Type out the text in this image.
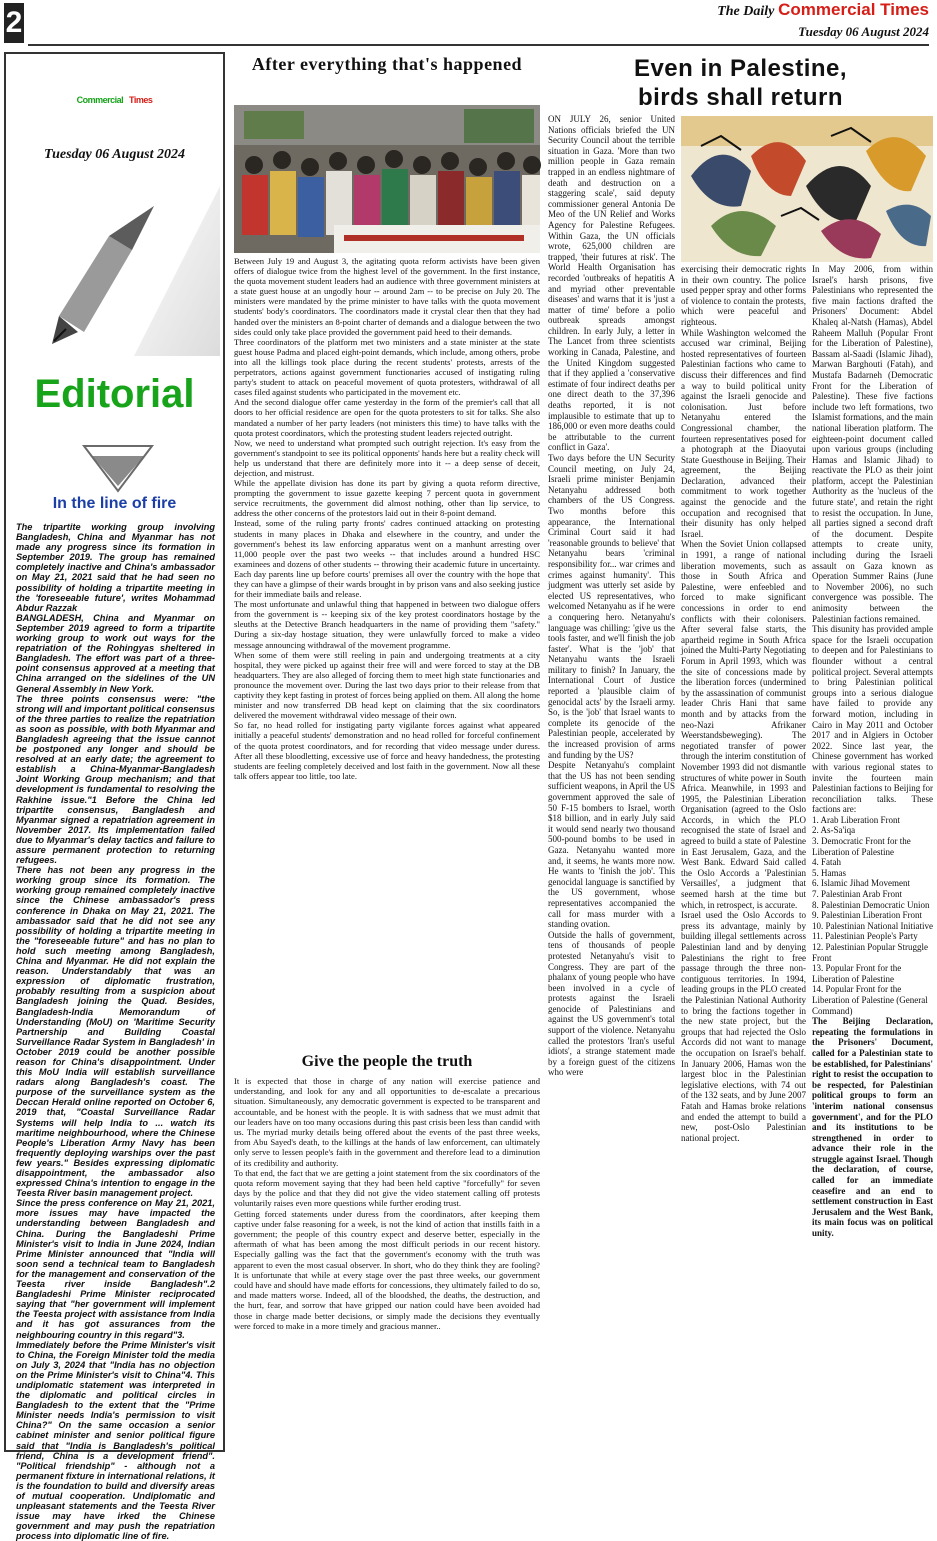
2	The Daily Commercial Times
Tuesday 06 August 2024
Commercial Times
Tuesday 06 August 2024
Editorial
In the line of fire

The tripartite working group involving Bangladesh, China and Myanmar has not made any progress since its formation in September 2019. The group has remained completely inactive and China's ambassador on May 21, 2021 said that he had seen no possibility of holding a tripartite meeting in the 'foreseeable future', writes Mohammad Abdur Razzak

BANGLADESH, China and Myanmar on September 2019 agreed to form a tripartite working group to work out ways for the repatriation of the Rohingyas sheltered in Bangladesh. The effort was part of a three-point consensus approved at a meeting that China arranged on the sidelines of the UN General Assembly in New York.

The three points consensus were: "the strong will and important political consensus of the three parties to realize the repatriation as soon as possible, with both Myanmar and Bangladesh agreeing that the issue cannot be postponed any longer and should be resolved at an early date; the agreement to establish a China-Myanmar-Bangladesh Joint Working Group mechanism; and that development is fundamental to resolving the Rakhine issue."1 Before the China led tripartite consensus, Bangladesh and Myanmar signed a repatriation agreement in November 2017. Its implementation failed due to Myanmar's delay tactics and failure to assure permanent protection to returning refugees.

There has not been any progress in the working group since its formation. The working group remained completely inactive since the Chinese ambassador's press conference in Dhaka on May 21, 2021. The ambassador said that he did not see any possibility of holding a tripartite meeting in the "foreseeable future" and has no plan to hold such meeting among Bangladesh, China and Myanmar. He did not explain the reason. Understandably that was an expression of diplomatic frustration, probably resulting from a suspicion about Bangladesh joining the Quad. Besides, Bangladesh-India Memorandum of Understanding (MoU) on 'Maritime Security Partnership and Building Coastal Surveillance Radar System in Bangladesh' in October 2019 could be another possible reason for China's disappointment. Under this MoU India will establish surveillance radars along Bangladesh's coast. The purpose of the surveillance system as the Deccan Herald online reported on October 6, 2019 that, "Coastal Surveillance Radar Systems will help India to ... watch its maritime neighbourhood, where the Chinese People's Liberation Army Navy has been frequently deploying warships over the past few years." Besides expressing diplomatic disappointment, the ambassador also expressed China's intention to engage in the Teesta River basin management project.

Since the press conference on May 21, 2021, more issues may have impacted the understanding between Bangladesh and China. During the Bangladeshi Prime Minister's visit to India in June 2024, Indian Prime Minister announced that "India will soon send a technical team to Bangladesh for the management and conservation of the Teesta river inside Bangladesh".2 Bangladeshi Prime Minister reciprocated saying that "her government will implement the Teesta project with assistance from India and it has got assurances from the neighbouring country in this regard"3.

Immediately before the Prime Minister's visit to China, the Foreign Minister told the media on July 3, 2024 that "India has no objection on the Prime Minister's visit to China"4. This undiplomatic statement was interpreted in the diplomatic and political circles in Bangladesh to the extent that the "Prime Minister needs India's permission to visit China?" On the same occasion a senior cabinet minister and senior political figure said that "India is Bangladesh's political friend, China is a development friend". "Political friendship" - although not a permanent fixture in international relations, it is the foundation to build and diversify areas of mutual cooperation. Undiplomatic and unpleasant statements and the Teesta River issue may have irked the Chinese government and may push the repatriation process into diplomatic line of fire.

After everything that's happened

Between July 19 and August 3, the agitating quota reform activists have been given offers of dialogue twice from the highest level of the government. In the first instance, the quota movement student leaders had an audience with three government ministers at a state guest house at an ungodly hour -- around 2am -- to be precise on July 20. The ministers were mandated by the prime minister to have talks with the quota movement students' body's coordinators. The coordinators made it crystal clear then that they had handed over the ministers an 8-point charter of demands and a dialogue between the two sides could only take place provided the government paid heed to their demands.

Three coordinators of the platform met two ministers and a state minister at the state guest house Padma and placed eight-point demands, which include, among others, probe into all the killings took place during the recent students' protests, arrests of the perpetrators, actions against government functionaries accused of instigating ruling party's student to attack on peaceful movement of quota protesters, withdrawal of all cases filed against students who participated in the movement etc.

And the second dialogue offer came yesterday in the form of the premier's call that all doors to her official residence are open for the quota protesters to sit for talks. She also mandated a number of her party leaders (not ministers this time) to have talks with the quota protest coordinators, which the protesting student leaders rejected outright.

Now, we need to understand what prompted such outright rejection. It's easy from the government's standpoint to see its political opponents' hands here but a reality check will help us understand that there are definitely more into it -- a deep sense of deceit, dejection, and mistrust.

While the appellate division has done its part by giving a quota reform directive, prompting the government to issue gazette keeping 7 percent quota in government service recruitments, the government did almost nothing, other than lip service, to address the other concerns of the protestors laid out in their 8-point demand.

Instead, some of the ruling party fronts' cadres continued attacking on protesting students in many places in Dhaka and elsewhere in the country, and under the government's behest its law enforcing apparatus went on a manhunt arresting over 11,000 people over the past two weeks -- that includes around a hundred HSC examinees and dozens of other students -- throwing their academic future in uncertainty. Each day parents line up before courts' premises all over the country with the hope that they can have a glimpse of their wards brought in by prison vans and also seeking justice for their immediate bails and release.

The most unfortunate and unlawful thing that happened in between two dialogue offers from the government is -- keeping six of the key protest coordinators hostage by the sleuths at the Detective Branch headquarters in the name of providing them "safety." During a six-day hostage situation, they were unlawfully forced to make a video message announcing withdrawal of the movement programme.

When some of them were still reeling in pain and undergoing treatments at a city hospital, they were picked up against their free will and were forced to stay at the DB headquarters. They are also alleged of forcing them to meet high state functionaries and pronounce the movement over. During the last two days prior to their release from that captivity they kept fasting in protest of forces being applied on them. All along the home minister and now transferred DB head kept on claiming that the six coordinators delivered the movement withdrawal video message of their own.

So far, no head rolled for instigating party vigilante forces against what appeared initially a peaceful students' demonstration and no head rolled for forceful confinement of the quota protest coordinators, and for recording that video message under duress. After all these bloodletting, excessive use of force and heavy handedness, the protesting students are feeling completely deceived and lost faith in the government. Now all these talk offers appear too little, too late.

Give the people the truth

It is expected that those in charge of any nation will exercise patience and understanding, and look for any and all opportunities to de-escalate a precarious situation. Simultaneously, any democratic government is expected to be transparent and accountable, and be honest with the people. It is with sadness that we must admit that our leaders have on too many occasions during this past crisis been less than candid with us. The myriad murky details being offered about the events of the past three weeks, from Abu Sayed's death, to the killings at the hands of law enforcement, can ultimately only serve to lessen people's faith in the government and therefore lead to a diminution of its credibility and authority.

To that end, the fact that we are getting a joint statement from the six coordinators of the quota reform movement saying that they had been held captive "forcefully" for seven days by the police and that they did not give the video statement calling off protests voluntarily raises even more questions while further eroding trust.

Getting forced statements under duress from the coordinators, after keeping them captive under false reasoning for a week, is not the kind of action that instills faith in a government; the people of this country expect and deserve better, especially in the aftermath of what has been among the most difficult periods in our recent history. Especially galling was the fact that the government's economy with the truth was apparent to even the most casual observer. In short, who do they think they are fooling? It is unfortunate that while at every stage over the past three weeks, our government could have and should have made efforts for concessions, they ultimately failed to do so, and made matters worse. Indeed, all of the bloodshed, the deaths, the destruction, and the hurt, fear, and sorrow that have gripped our nation could have been avoided had those in charge made better decisions, or simply made the decisions they eventually were forced to make in a more timely and gracious manner..

Even in Palestine,
birds shall return

ON JULY 26, senior United Nations officials briefed the UN Security Council about the terrible situation in Gaza. 'More than two million people in Gaza remain trapped in an endless nightmare of death and destruction on a staggering scale', said deputy commissioner general Antonia De Meo of the UN Relief and Works Agency for Palestine Refugees. Within Gaza, the UN officials wrote, 625,000 children are trapped, 'their futures at risk'. The World Health Organisation has recorded 'outbreaks of hepatitis A and myriad other preventable diseases' and warns that it is 'just a matter of time' before a polio outbreak spreads amongst children. In early July, a letter in The Lancet from three scientists working in Canada, Palestine, and the United Kingdom suggested that if they applied a 'conservative estimate of four indirect deaths per one direct death to the 37,396 deaths reported, it is not implausible to estimate that up to 186,000 or even more deaths could be attributable to the current conflict in Gaza'.

Two days before the UN Security Council meeting, on July 24, Israeli prime minister Benjamin Netanyahu addressed both chambers of the US Congress. Two months before this appearance, the International Criminal Court said it had 'reasonable grounds to believe' that Netanyahu bears 'criminal responsibility for... war crimes and crimes against humanity'. This judgment was utterly set aside by elected US representatives, who welcomed Netanyahu as if he were a conquering hero. Netanyahu's language was chilling: 'give us the tools faster, and we'll finish the job faster'. What is the 'job' that Netanyahu wants the Israeli military to finish? In January, the International Court of Justice reported a 'plausible claim of genocidal acts' by the Israeli army. So, is the 'job' that Israel wants to complete its genocide of the Palestinian people, accelerated by the increased provision of arms and funding by the US?

Despite Netanyahu's complaint that the US has not been sending sufficient weapons, in April the US government approved the sale of 50 F-15 bombers to Israel, worth $18 billion, and in early July said it would send nearly two thousand 500-pound bombs to be used in Gaza. Netanyahu wanted more and, it seems, he wants more now. He wants to 'finish the job'. This genocidal language is sanctified by the US government, whose representatives accompanied the call for mass murder with a standing ovation.

Outside the halls of government, tens of thousands of people protested Netanyahu's visit to Congress. They are part of the phalanx of young people who have been involved in a cycle of protests against the Israeli genocide of Palestinians and against the US government's total support of the violence. Netanyahu called the protestors 'Iran's useful idiots', a strange statement made by a foreign guest of the citizens who were

exercising their democratic rights in their own country. The police used pepper spray and other forms of violence to contain the protests, which were peaceful and righteous.

While Washington welcomed the accused war criminal, Beijing hosted representatives of fourteen Palestinian factions who came to discuss their differences and find a way to build political unity against the Israeli genocide and colonisation. Just before Netanyahu entered the Congressional chamber, the fourteen representatives posed for a photograph at the Diaoyutai State Guesthouse in Beijing. Their agreement, the Beijing Declaration, advanced their commitment to work together against the genocide and the occupation and recognised that their disunity has only helped Israel.

When the Soviet Union collapsed in 1991, a range of national liberation movements, such as those in South Africa and Palestine, were enfeebled and forced to make significant concessions in order to end conflicts with their colonisers. After several false starts, the apartheid regime in South Africa joined the Multi-Party Negotiating Forum in April 1993, which was the site of concessions made by the liberation forces (undermined by the assassination of communist leader Chris Hani that same month and by attacks from the neo-Nazi Afrikaner Weerstandsbeweging). The negotiated transfer of power through the interim constitution of November 1993 did not dismantle structures of white power in South Africa. Meanwhile, in 1993 and 1995, the Palestinian Liberation Organisation (agreed to the Oslo Accords, in which the PLO recognised the state of Israel and agreed to build a state of Palestine in East Jerusalem, Gaza, and the West Bank. Edward Said called the Oslo Accords a 'Palestinian Versailles', a judgment that seemed harsh at the time but which, in retrospect, is accurate.

Israel used the Oslo Accords to press its advantage, mainly by building illegal settlements across Palestinian land and by denying Palestinians the right to free passage through the three non-contiguous territories. In 1994, leading groups in the PLO created the Palestinian National Authority to bring the factions together in the new state project, but the groups that had rejected the Oslo Accords did not want to manage the occupation on Israel's behalf. In January 2006, Hamas won the largest bloc in the Palestinian legislative elections, with 74 out of the 132 seats, and by June 2007 Fatah and Hamas broke relations and ended the attempt to build a new, post-Oslo Palestinian national project.

In May 2006, from within Israel's harsh prisons, five Palestinians who represented the five main factions drafted the Prisoners' Document: Abdel Khaleq al-Natsh (Hamas), Abdel Raheem Malluh (Popular Front for the Liberation of Palestine), Bassam al-Saadi (Islamic Jihad), Marwan Barghouti (Fatah), and Mustafa Badarneh (Democratic Front for the Liberation of Palestine). These five factions include two left formations, two Islamist formations, and the main national liberation platform. The eighteen-point document called upon various groups (including Hamas and Islamic Jihad) to reactivate the PLO as their joint platform, accept the Palestinian Authority as the 'nucleus of the future state', and retain the right to resist the occupation. In June, all parties signed a second draft of the document. Despite attempts to create unity, including during the Israeli assault on Gaza known as Operation Summer Rains (June to November 2006), no such convergence was possible. The animosity between the Palestinian factions remained.

This disunity has provided ample space for the Israeli occupation to deepen and for Palestinians to flounder without a central political project. Several attempts to bring Palestinian political groups into a serious dialogue have failed to provide any forward motion, including in Cairo in May 2011 and October 2017 and in Algiers in October 2022. Since last year, the Chinese government has worked with various regional states to invite the fourteen main Palestinian factions to Beijing for reconciliation talks. These factions are:

1. Arab Liberation Front
2. As-Sa'iqa
3. Democratic Front for the Liberation of Palestine
4. Fatah
5. Hamas
6. Islamic Jihad Movement
7. Palestinian Arab Front
8. Palestinian Democratic Union
9. Palestinian Liberation Front
10. Palestinian National Initiative
11. Palestinian People's Party
12. Palestinian Popular Struggle Front
13. Popular Front for the Liberation of Palestine
14. Popular Front for the Liberation of Palestine (General Command)

The Beijing Declaration, repeating the formulations in the Prisoners' Document, called for a Palestinian state to be established, for Palestinians' right to resist the occupation to be respected, for Palestinian political groups to form an 'interim national consensus government', and for the PLO and its institutions to be strengthened in order to advance their role in the struggle against Israel. Though the declaration, of course, called for an immediate ceasefire and an end to settlement construction in East Jerusalem and the West Bank, its main focus was on political unity.
